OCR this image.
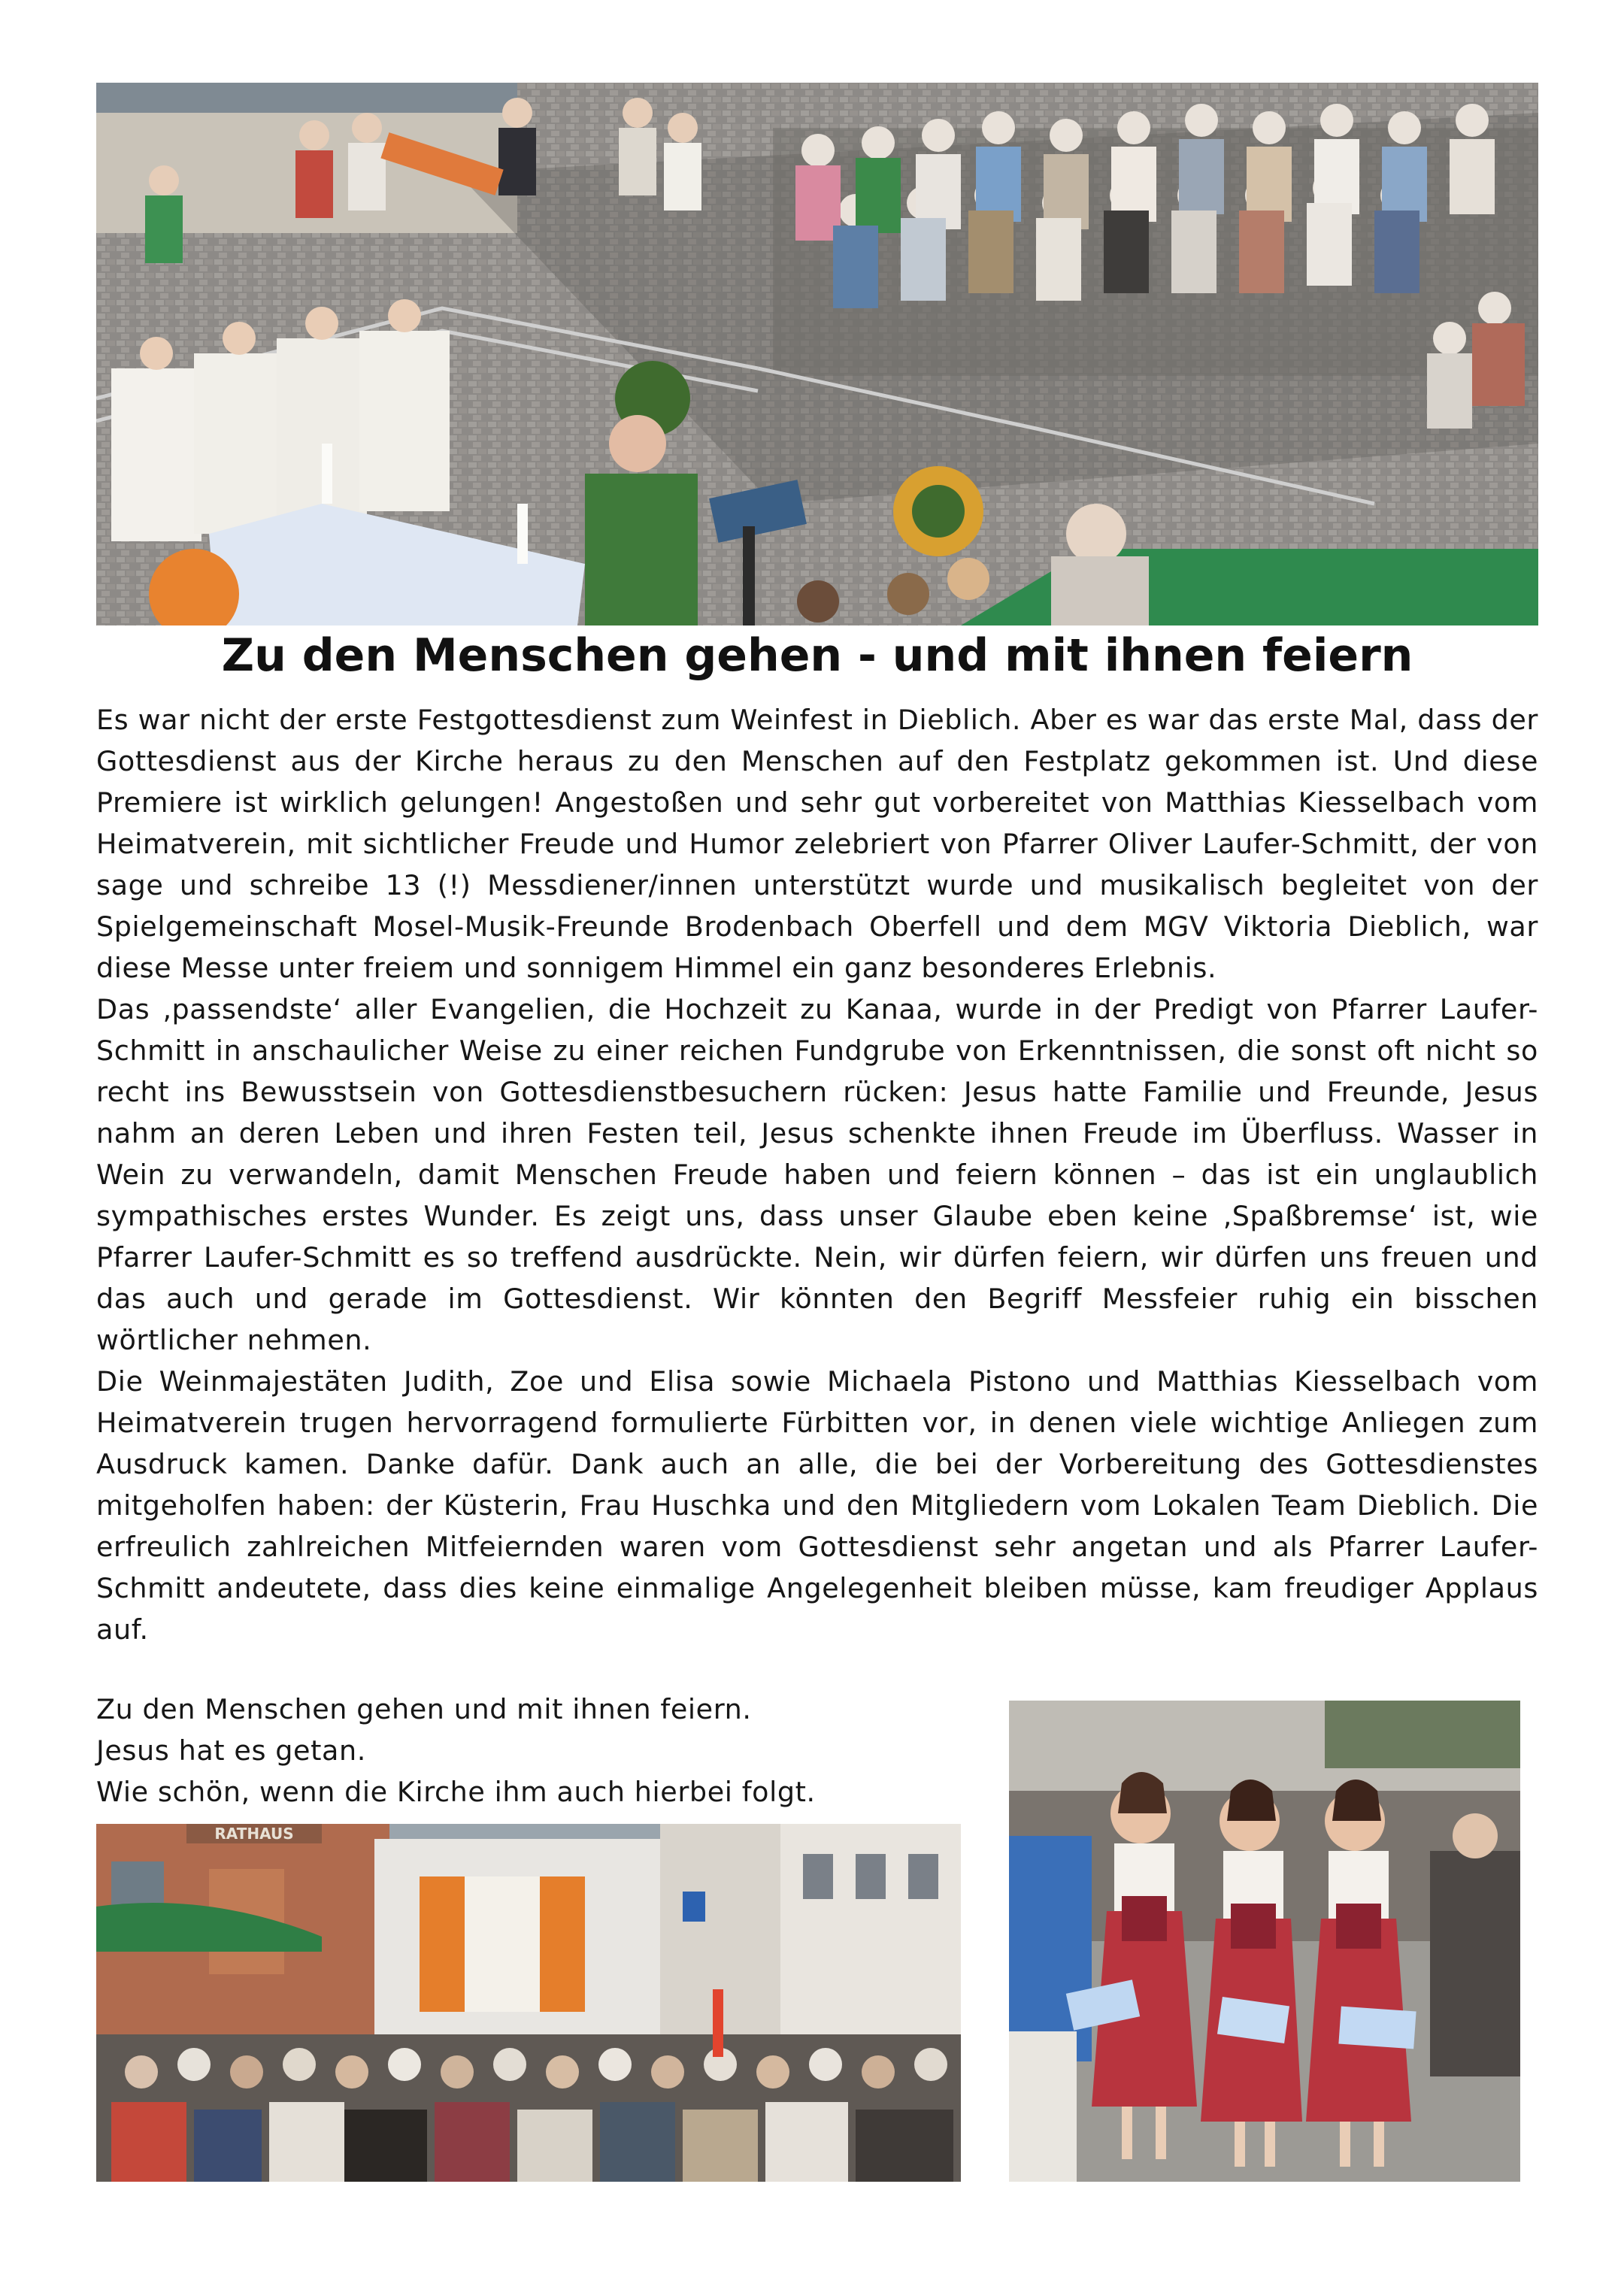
Zu den Menschen gehen - und mit ihnen feiern

Es war nicht der erste Festgottesdienst zum Weinfest in Dieblich. Aber es war das erste Mal, dass der Gottesdienst aus der Kirche heraus zu den Menschen auf den Festplatz gekommen ist. Und diese Premiere ist wirklich gelungen! Angestoßen und sehr gut vorbereitet von Matthias Kiesselbach vom Heimatverein, mit sichtlicher Freude und Humor zelebriert von Pfarrer Oliver Laufer-Schmitt, der von sage und schreibe 13 (!) Messdiener/innen unterstützt wurde und musikalisch begleitet von der Spielgemeinschaft Mosel-Musik-Freunde Brodenbach Oberfell und dem MGV Viktoria Dieblich, war diese Messe unter freiem und sonnigem Himmel ein ganz besonderes Erlebnis.

Das ‚passendste‘ aller Evangelien, die Hochzeit zu Kanaa, wurde in der Predigt von Pfarrer Laufer-Schmitt in anschaulicher Weise zu einer reichen Fundgrube von Erkenntnissen, die sonst oft nicht so recht ins Bewusstsein von Gottesdienstbesuchern rücken: Jesus hatte Familie und Freunde, Jesus nahm an deren Leben und ihren Festen teil, Jesus schenkte ihnen Freude im Überfluss. Wasser in Wein zu verwandeln, damit Menschen Freude haben und feiern können – das ist ein unglaublich sympathisches erstes Wunder. Es zeigt uns, dass unser Glaube eben keine ‚Spaßbremse‘ ist, wie Pfarrer Laufer-Schmitt es so treffend ausdrückte. Nein, wir dürfen feiern, wir dürfen uns freuen und das auch und gerade im Gottesdienst. Wir könnten den Begriff Messfeier ruhig ein bisschen wörtlicher nehmen.

Die Weinmajestäten Judith, Zoe und Elisa sowie Michaela Pistono und Matthias Kiesselbach vom Heimatverein trugen hervorragend formulierte Fürbitten vor, in denen viele wichtige Anliegen zum Ausdruck kamen. Danke dafür. Dank auch an alle, die bei der Vorbereitung des Gottesdienstes mitgeholfen haben: der Küsterin, Frau Huschka und den Mitgliedern vom Lokalen Team Dieblich. Die erfreulich zahlreichen Mitfeiernden waren vom Gottesdienst sehr angetan und als Pfarrer Laufer-Schmitt andeutete, dass dies keine einmalige Angelegenheit bleiben müsse, kam freudiger Applaus auf.

Zu den Menschen gehen und mit ihnen feiern.
Jesus hat es getan.
Wie schön, wenn die Kirche ihm auch hierbei folgt.
RATHAUS
